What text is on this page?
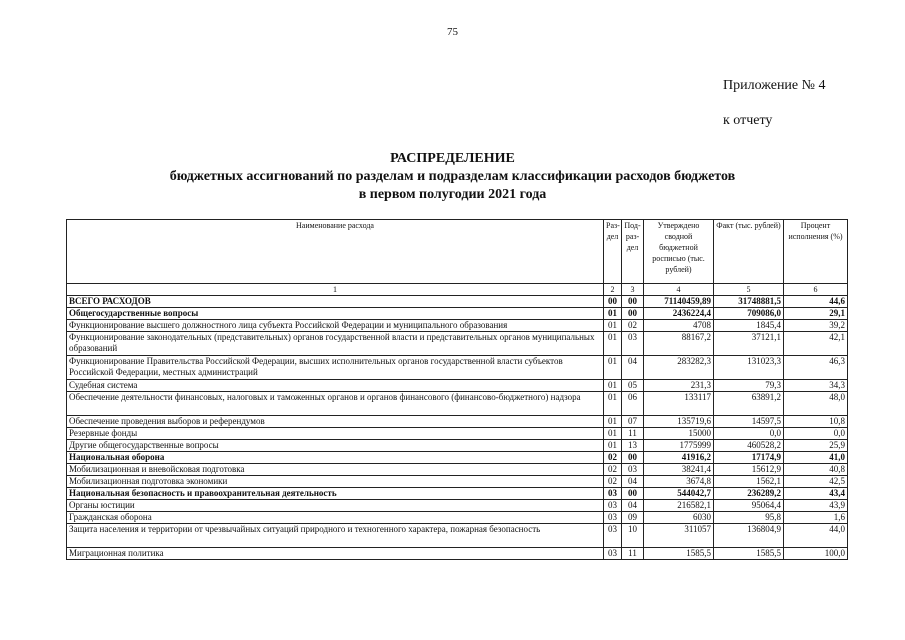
75
Приложение № 4
к отчету
РАСПРЕДЕЛЕНИЕ
бюджетных ассигнований по разделам и подразделам классификации расходов бюджетов
в первом полугодии 2021 года
Наименование расхода	Раз- дел	Под- раз- дел	Утверждено сводной бюджетной росписью (тыс. рублей)	Факт (тыс. рублей)	Процент исполнения (%)
1	2	3	4	5	6
ВСЕГО РАСХОДОВ	00	00	71140459,89	31748881,5	44,6
Общегосударственные вопросы	01	00	2436224,4	709086,0	29,1
Функционирование высшего должностного лица субъекта Российской Федерации и муниципального образования	01	02	4708	1845,4	39,2
Функционирование законодательных (представительных) органов государственной власти и представительных органов муниципальных образований	01	03	88167,2	37121,1	42,1
Функционирование Правительства Российской Федерации, высших исполнительных органов государственной власти субъектов Российской Федерации, местных администраций	01	04	283282,3	131023,3	46,3
Судебная система	01	05	231,3	79,3	34,3
Обеспечение деятельности финансовых, налоговых и таможенных органов и органов финансового (финансово-бюджетного) надзора	01	06	133117	63891,2	48,0
Обеспечение проведения выборов и референдумов	01	07	135719,6	14597,5	10,8
Резервные фонды	01	11	15000	0,0	0,0
Другие общегосударственные вопросы	01	13	1775999	460528,2	25,9
Национальная оборона	02	00	41916,2	17174,9	41,0
Мобилизационная и вневойсковая подготовка	02	03	38241,4	15612,9	40,8
Мобилизационная подготовка экономики	02	04	3674,8	1562,1	42,5
Национальная безопасность и правоохранительная деятельность	03	00	544042,7	236289,2	43,4
Органы юстиции	03	04	216582,1	95064,4	43,9
Гражданская оборона	03	09	6030	95,8	1,6
Защита населения и территории от чрезвычайных ситуаций природного и техногенного характера, пожарная безопасность	03	10	311057	136804,9	44,0
Миграционная политика	03	11	1585,5	1585,5	100,0
